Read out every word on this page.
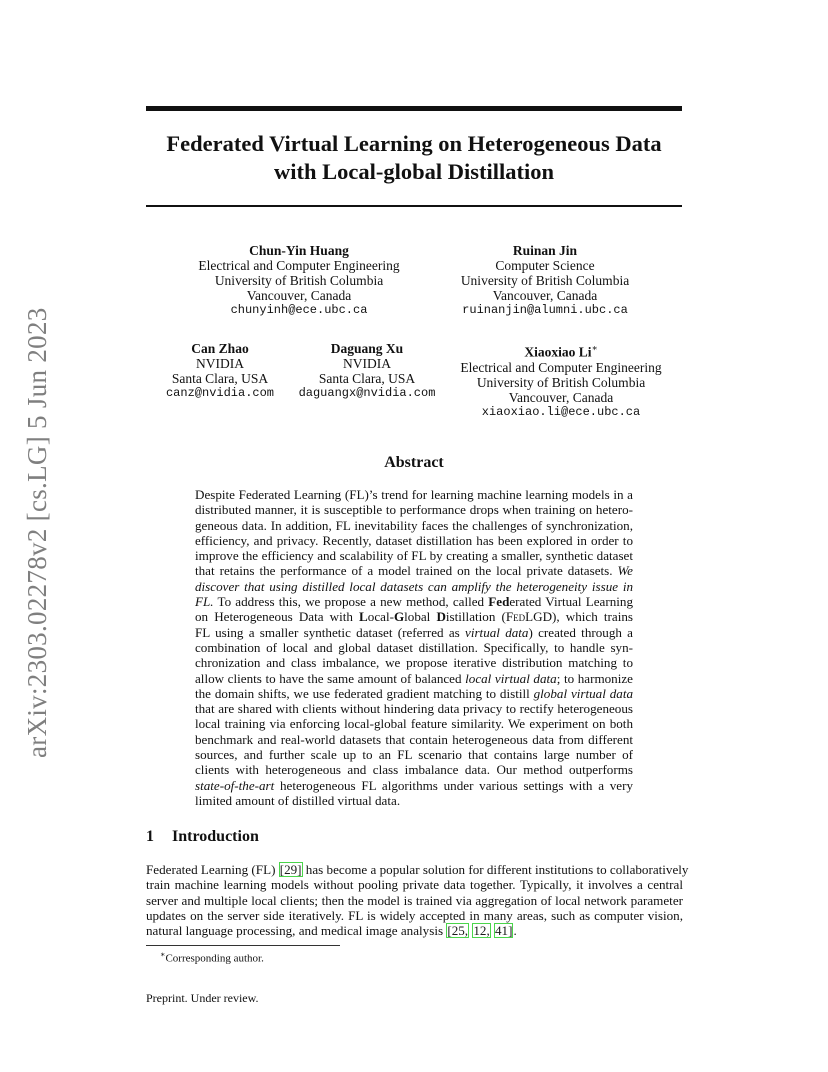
arXiv:2303.02278v2 [cs.LG] 5 Jun 2023
Federated Virtual Learning on Heterogeneous Data
with Local-global Distillation
Chun-Yin Huang
Electrical and Computer Engineering
University of British Columbia
Vancouver, Canada
chunyinh@ece.ubc.ca
Ruinan Jin
Computer Science
University of British Columbia
Vancouver, Canada
ruinanjin@alumni.ubc.ca
Can Zhao
NVIDIA
Santa Clara, USA
canz@nvidia.com
Daguang Xu
NVIDIA
Santa Clara, USA
daguangx@nvidia.com
Xiaoxiao Li∗
Electrical and Computer Engineering
University of British Columbia
Vancouver, Canada
xiaoxiao.li@ece.ubc.ca
Abstract
Despite Federated Learning (FL)’s trend for learning machine learning models in a
distributed manner, it is susceptible to performance drops when training on hetero-
geneous data. In addition, FL inevitability faces the challenges of synchronization,
efficiency, and privacy. Recently, dataset distillation has been explored in order to
improve the efficiency and scalability of FL by creating a smaller, synthetic dataset
that retains the performance of a model trained on the local private datasets. We
discover that using distilled local datasets can amplify the heterogeneity issue in
FL. To address this, we propose a new method, called Federated Virtual Learning
on Heterogeneous Data with Local-Global Distillation (FedLGD), which trains
FL using a smaller synthetic dataset (referred as virtual data) created through a
combination of local and global dataset distillation. Specifically, to handle syn-
chronization and class imbalance, we propose iterative distribution matching to
allow clients to have the same amount of balanced local virtual data; to harmonize
the domain shifts, we use federated gradient matching to distill global virtual data
that are shared with clients without hindering data privacy to rectify heterogeneous
local training via enforcing local-global feature similarity. We experiment on both
benchmark and real-world datasets that contain heterogeneous data from different
sources, and further scale up to an FL scenario that contains large number of
clients with heterogeneous and class imbalance data. Our method outperforms
state-of-the-art heterogeneous FL algorithms under various settings with a very
limited amount of distilled virtual data.
1 Introduction
Federated Learning (FL) [29] has become a popular solution for different institutions to collaboratively
train machine learning models without pooling private data together. Typically, it involves a central
server and multiple local clients; then the model is trained via aggregation of local network parameter
updates on the server side iteratively. FL is widely accepted in many areas, such as computer vision,
natural language processing, and medical image analysis [25, 12, 41].
∗Corresponding author.
Preprint. Under review.
